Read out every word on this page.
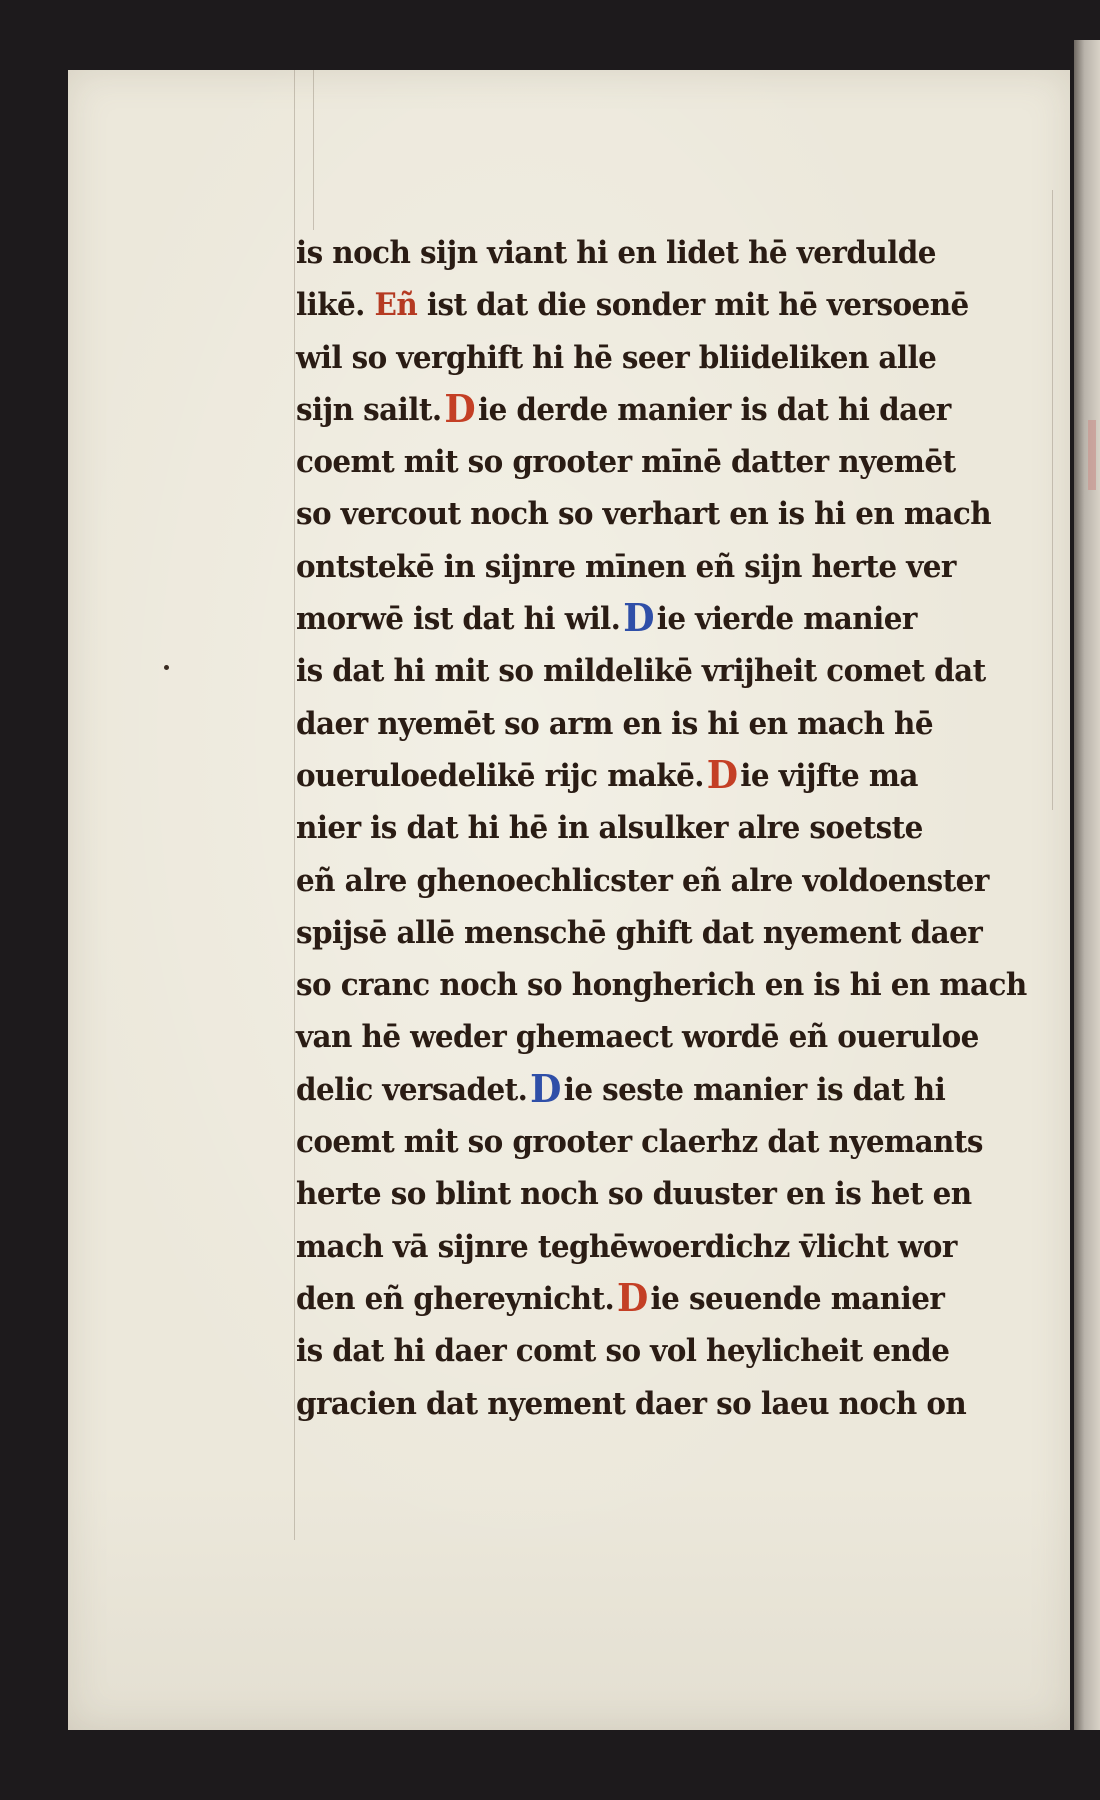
is noch sijn viant hi en lidet hē verdulde
likē. Eñ ist dat die sonder mit hē versoenē
wil so verghift hi hē seer bliideliken alle
sijn sailt.Die derde manier is dat hi daer
coemt mit so grooter mīnē datter nyemēt
so vercout noch so verhart en is hi en mach
ontstekē in sijnre mīnen eñ sijn herte ver
morwē ist dat hi wil.Die vierde manier
is dat hi mit so mildelikē vrijheit comet dat
daer nyemēt so arm en is hi en mach hē
oueruloedelikē rijc makē.Die vijfte ma
nier is dat hi hē in alsulker alre soetste
eñ alre ghenoechlicster eñ alre voldoenster
spijsē allē menschē ghift dat nyement daer
so cranc noch so hongherich en is hi en mach
van hē weder ghemaect wordē eñ oueruloe
delic versadet.Die seste manier is dat hi
coemt mit so grooter claerhz dat nyemants
herte so blint noch so duuster en is het en
mach vā sijnre teghēwoerdichz v̄licht wor
den eñ ghereynicht.Die seuende manier
is dat hi daer comt so vol heylicheit ende
gracien dat nyement daer so laeu noch on
